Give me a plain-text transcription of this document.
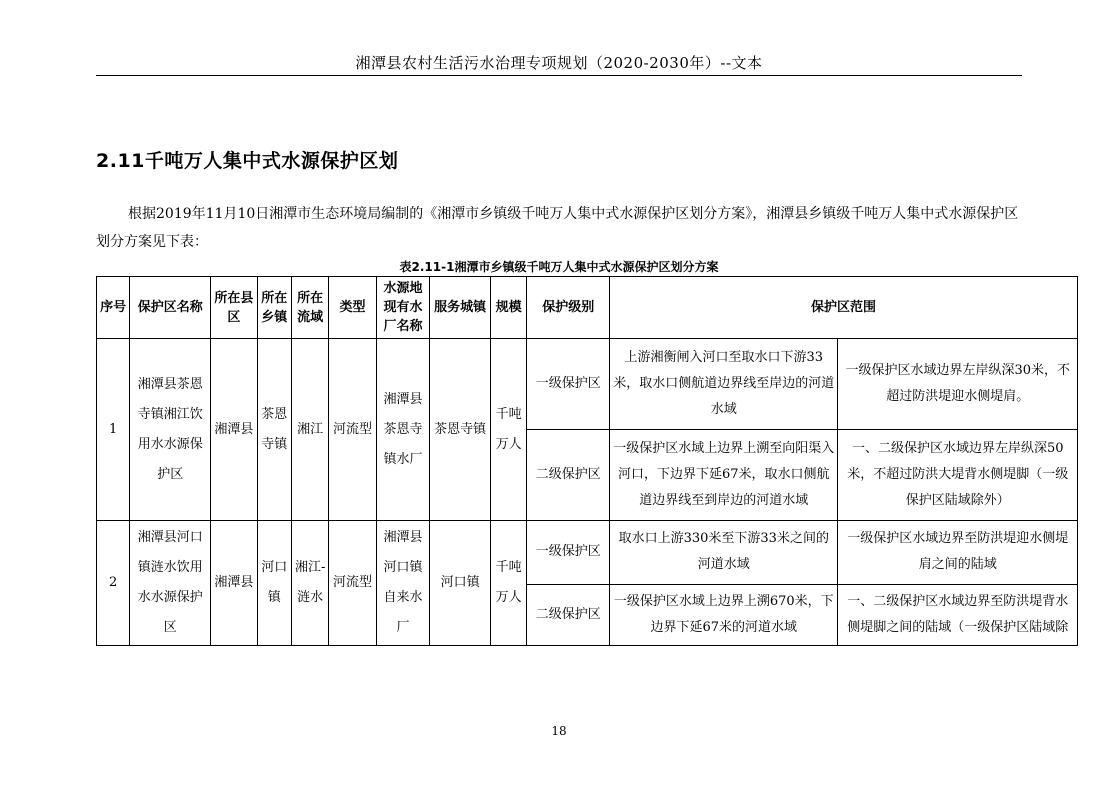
湘潭县农村生活污水治理专项规划（2020-2030年）--文本
2.11千吨万人集中式水源保护区划
根据2019年11月10日湘潭市生态环境局编制的《湘潭市乡镇级千吨万人集中式水源保护区划分方案》，湘潭县乡镇级千吨万人集中式水源保护区划分方案见下表：
表2.11-1湘潭市乡镇级千吨万人集中式水源保护区划分方案
序号	保护区名称	所在县区	所在乡镇	所在流域	类型	水源地现有水厂名称	服务城镇	规模	保护级别	保护区范围	
1	湘潭县茶恩寺镇湘江饮用水水源保护区	湘潭县	茶恩寺镇	湘江	河流型	湘潭县茶恩寺镇水厂	茶恩寺镇	千吨万人	一级保护区	上游湘衡闸入河口至取水口下游33米，取水口侧航道边界线至岸边的河道水域	一级保护区水域边界左岸纵深30米，不超过防洪堤迎水侧堤肩。
									二级保护区	一级保护区水域上边界上溯至向阳渠入河口，下边界下延67米，取水口侧航道边界线至到岸边的河道水域	一、二级保护区水域边界左岸纵深50米，不超过防洪大堤背水侧堤脚（一级保护区陆域除外）
2	湘潭县河口镇涟水饮用水水源保护区	湘潭县	河口镇	湘江-涟水	河流型	湘潭县河口镇自来水厂	河口镇	千吨万人	一级保护区	取水口上游330米至下游33米之间的河道水域	一级保护区水域边界至防洪堤迎水侧堤肩之间的陆域
									二级保护区	一级保护区水域上边界上溯670米，下边界下延67米的河道水域	一、二级保护区水域边界至防洪堤背水侧堤脚之间的陆域（一级保护区陆域除
18
